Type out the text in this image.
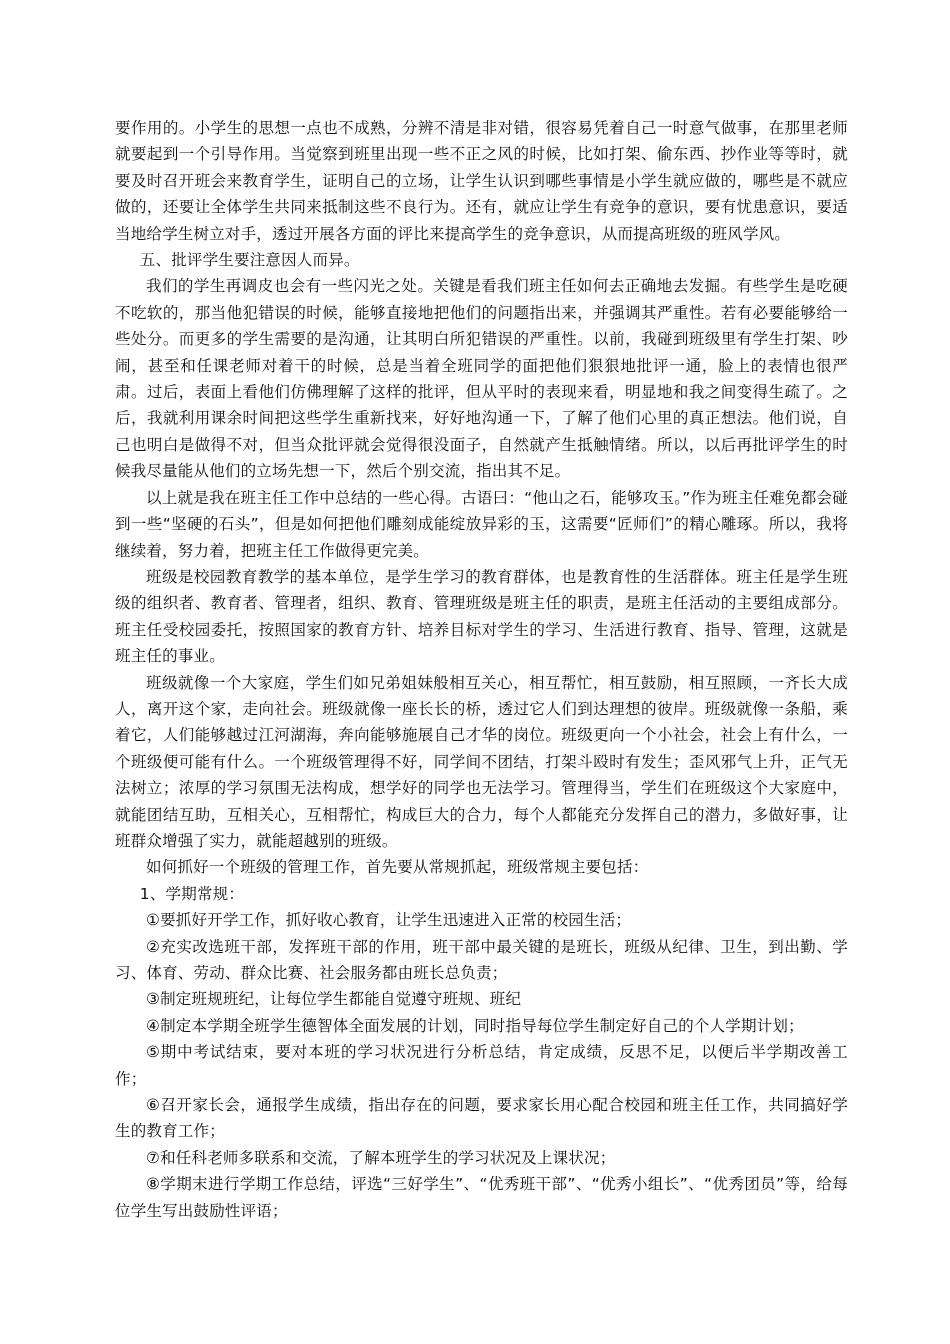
要作用的。小学生的思想一点也不成熟，分辨不清是非对错，很容易凭着自己一时意气做事，在那里老师就要起到一个引导作用。当觉察到班里出现一些不正之风的时候，比如打架、偷东西、抄作业等等时，就要及时召开班会来教育学生，证明自己的立场，让学生认识到哪些事情是小学生就应做的，哪些是不就应做的，还要让全体学生共同来抵制这些不良行为。还有，就应让学生有竞争的意识，要有忧患意识，要适当地给学生树立对手，透过开展各方面的评比来提高学生的竞争意识，从而提高班级的班风学风。

五、批评学生要注意因人而异。

我们的学生再调皮也会有一些闪光之处。关键是看我们班主任如何去正确地去发掘。有些学生是吃硬不吃软的，那当他犯错误的时候，能够直接地把他们的问题指出来，并强调其严重性。若有必要能够给一些处分。而更多的学生需要的是沟通，让其明白所犯错误的严重性。以前，我碰到班级里有学生打架、吵闹，甚至和任课老师对着干的时候，总是当着全班同学的面把他们狠狠地批评一通，脸上的表情也很严肃。过后，表面上看他们仿佛理解了这样的批评，但从平时的表现来看，明显地和我之间变得生疏了。之后，我就利用课余时间把这些学生重新找来，好好地沟通一下，了解了他们心里的真正想法。他们说，自己也明白是做得不对，但当众批评就会觉得很没面子，自然就产生抵触情绪。所以，以后再批评学生的时候我尽量能从他们的立场先想一下，然后个别交流，指出其不足。

以上就是我在班主任工作中总结的一些心得。古语曰：“他山之石，能够攻玉。”作为班主任难免都会碰到一些“坚硬的石头”，但是如何把他们雕刻成能绽放异彩的玉，这需要“匠师们”的精心雕琢。所以，我将继续着，努力着，把班主任工作做得更完美。

班级是校园教育教学的基本单位，是学生学习的教育群体，也是教育性的生活群体。班主任是学生班级的组织者、教育者、管理者，组织、教育、管理班级是班主任的职责，是班主任活动的主要组成部分。班主任受校园委托，按照国家的教育方针、培养目标对学生的学习、生活进行教育、指导、管理，这就是班主任的事业。

班级就像一个大家庭，学生们如兄弟姐妹般相互关心，相互帮忙，相互鼓励，相互照顾，一齐长大成人，离开这个家，走向社会。班级就像一座长长的桥，透过它人们到达理想的彼岸。班级就像一条船，乘着它，人们能够越过江河湖海，奔向能够施展自己才华的岗位。班级更向一个小社会，社会上有什么，一个班级便可能有什么。一个班级管理得不好，同学间不团结，打架斗殴时有发生；歪风邪气上升，正气无法树立；浓厚的学习氛围无法构成，想学好的同学也无法学习。管理得当，学生们在班级这个大家庭中，就能团结互助，互相关心，互相帮忙，构成巨大的合力，每个人都能充分发挥自己的潜力，多做好事，让班群众增强了实力，就能超越别的班级。

如何抓好一个班级的管理工作，首先要从常规抓起，班级常规主要包括：

1、学期常规：

①要抓好开学工作，抓好收心教育，让学生迅速进入正常的校园生活；

②充实改选班干部，发挥班干部的作用，班干部中最关键的是班长，班级从纪律、卫生，到出勤、学习、体育、劳动、群众比赛、社会服务都由班长总负责；

③制定班规班纪，让每位学生都能自觉遵守班规、班纪

④制定本学期全班学生德智体全面发展的计划，同时指导每位学生制定好自己的个人学期计划；

⑤期中考试结束，要对本班的学习状况进行分析总结，肯定成绩，反思不足，以便后半学期改善工作；

⑥召开家长会，通报学生成绩，指出存在的问题，要求家长用心配合校园和班主任工作，共同搞好学生的教育工作；

⑦和任科老师多联系和交流，了解本班学生的学习状况及上课状况；

⑧学期末进行学期工作总结，评选“三好学生”、“优秀班干部”、“优秀小组长”、“优秀团员”等，给每位学生写出鼓励性评语；
